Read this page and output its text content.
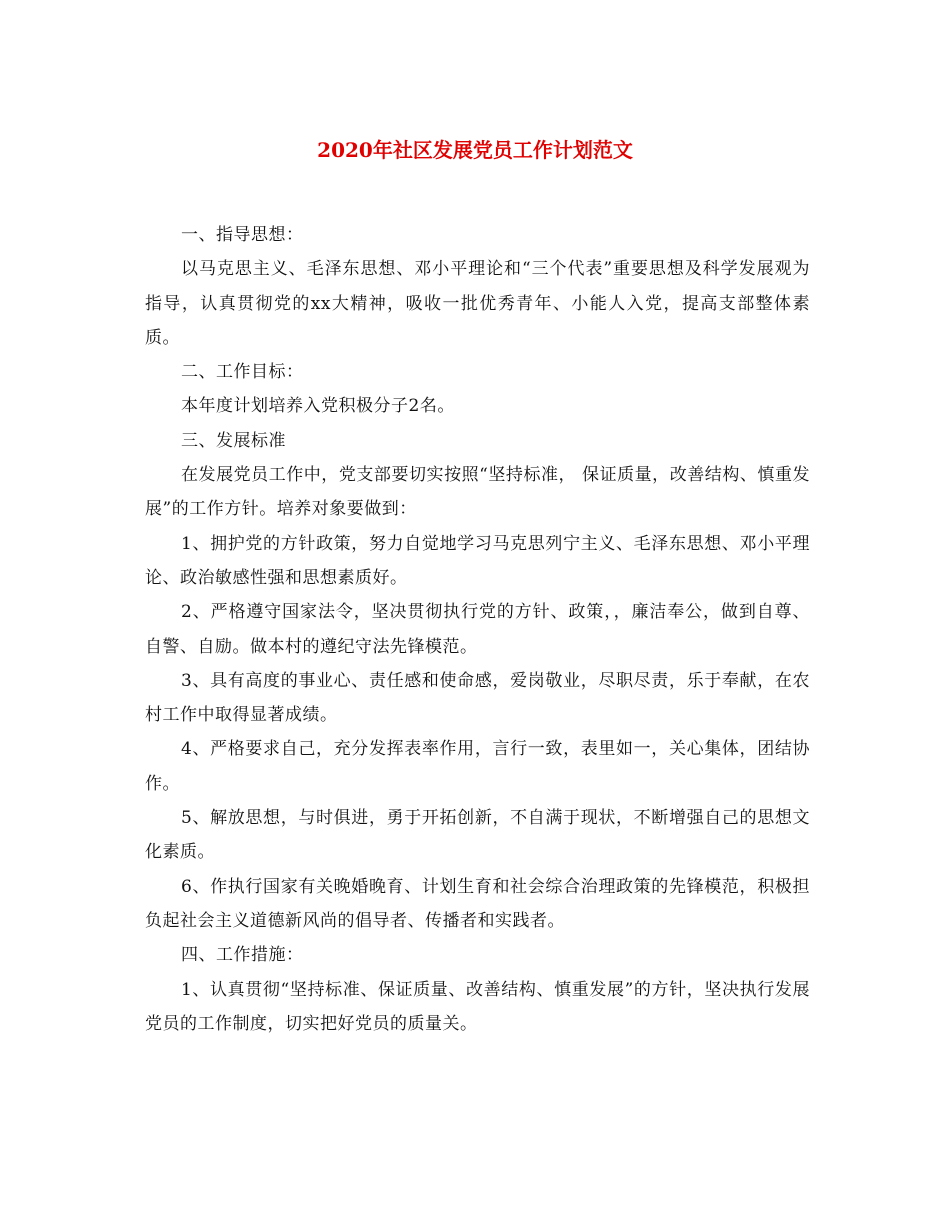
2020年社区发展党员工作计划范文

一、指导思想：

以马克思主义、毛泽东思想、邓小平理论和“三个代表”重要思想及科学发展观为指导，认真贯彻党的xx大精神，吸收一批优秀青年、小能人入党，提高支部整体素质。

二、工作目标：

本年度计划培养入党积极分子2名。

三、发展标准

在发展党员工作中，党支部要切实按照“坚持标准， 保证质量，改善结构、慎重发展”的工作方针。培养对象要做到：

1、拥护党的方针政策，努力自觉地学习马克思列宁主义、毛泽东思想、邓小平理论、政治敏感性强和思想素质好。

2、严格遵守国家法令，坚决贯彻执行党的方针、政策，，廉洁奉公，做到自尊、自警、自励。做本村的遵纪守法先锋模范。

3、具有高度的事业心、责任感和使命感，爱岗敬业，尽职尽责，乐于奉献，在农村工作中取得显著成绩。

4、严格要求自己，充分发挥表率作用，言行一致，表里如一，关心集体，团结协作。

5、解放思想，与时俱进，勇于开拓创新，不自满于现状，不断增强自己的思想文化素质。

6、作执行国家有关晚婚晚育、计划生育和社会综合治理政策的先锋模范，积极担负起社会主义道德新风尚的倡导者、传播者和实践者。

四、工作措施：

1、认真贯彻“坚持标准、保证质量、改善结构、慎重发展”的方针，坚决执行发展党员的工作制度，切实把好党员的质量关。
